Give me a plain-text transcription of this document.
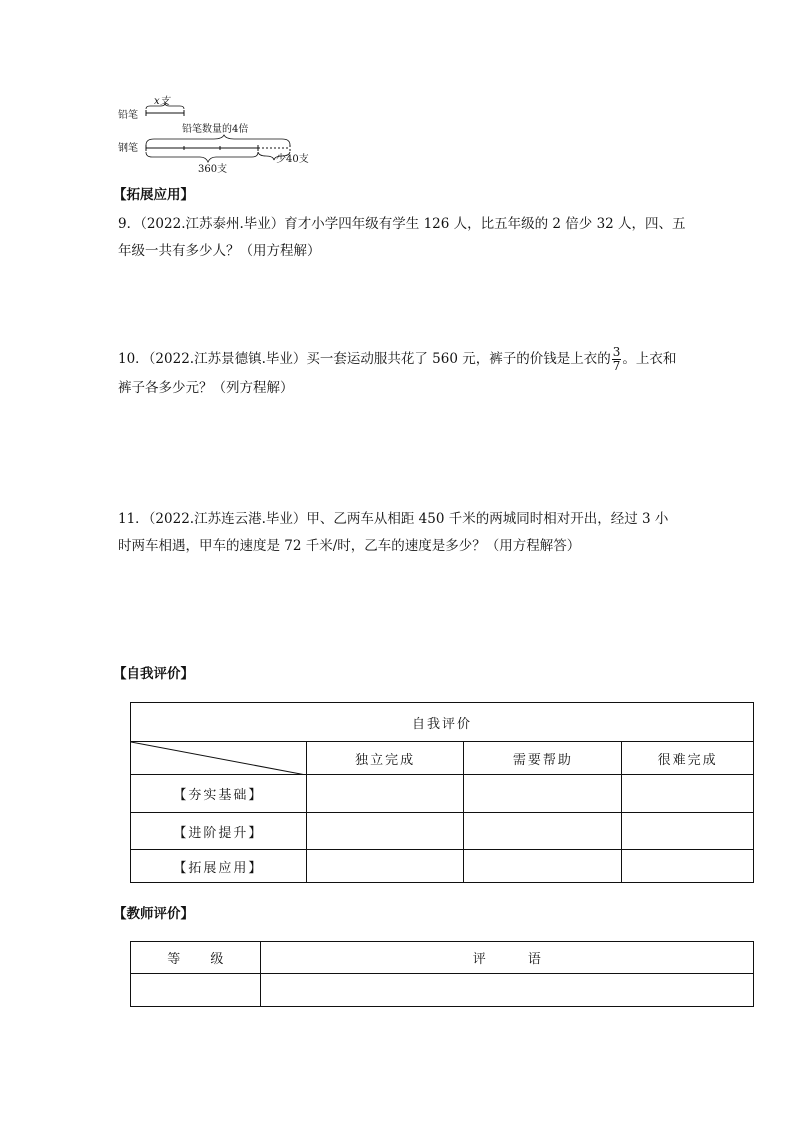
铅笔
x支
铅笔数量的4倍
钢笔
360支
少40支
【拓展应用】
9．（2022.江苏泰州.毕业）育才小学四年级有学生 126 人，比五年级的 2 倍少 32 人，四、五
年级一共有多少人？（用方程解）
10．（2022.江苏景德镇.毕业）买一套运动服共花了 560 元，裤子的价钱是上衣的 $\frac{3}{7}$ 。上衣和
裤子各多少元？（列方程解）
11．（2022.江苏连云港.毕业）甲、乙两车从相距 450 千米的两城同时相对开出，经过 3 小
时两车相遇，甲车的速度是 72 千米/时，乙车的速度是多少？（用方程解答）
【自我评价】
自我评价			

	独立完成	需要帮助	很难完成
【夯实基础】			
【进阶提升】			
【拓展应用】			
【教师评价】
等 级	评 语
